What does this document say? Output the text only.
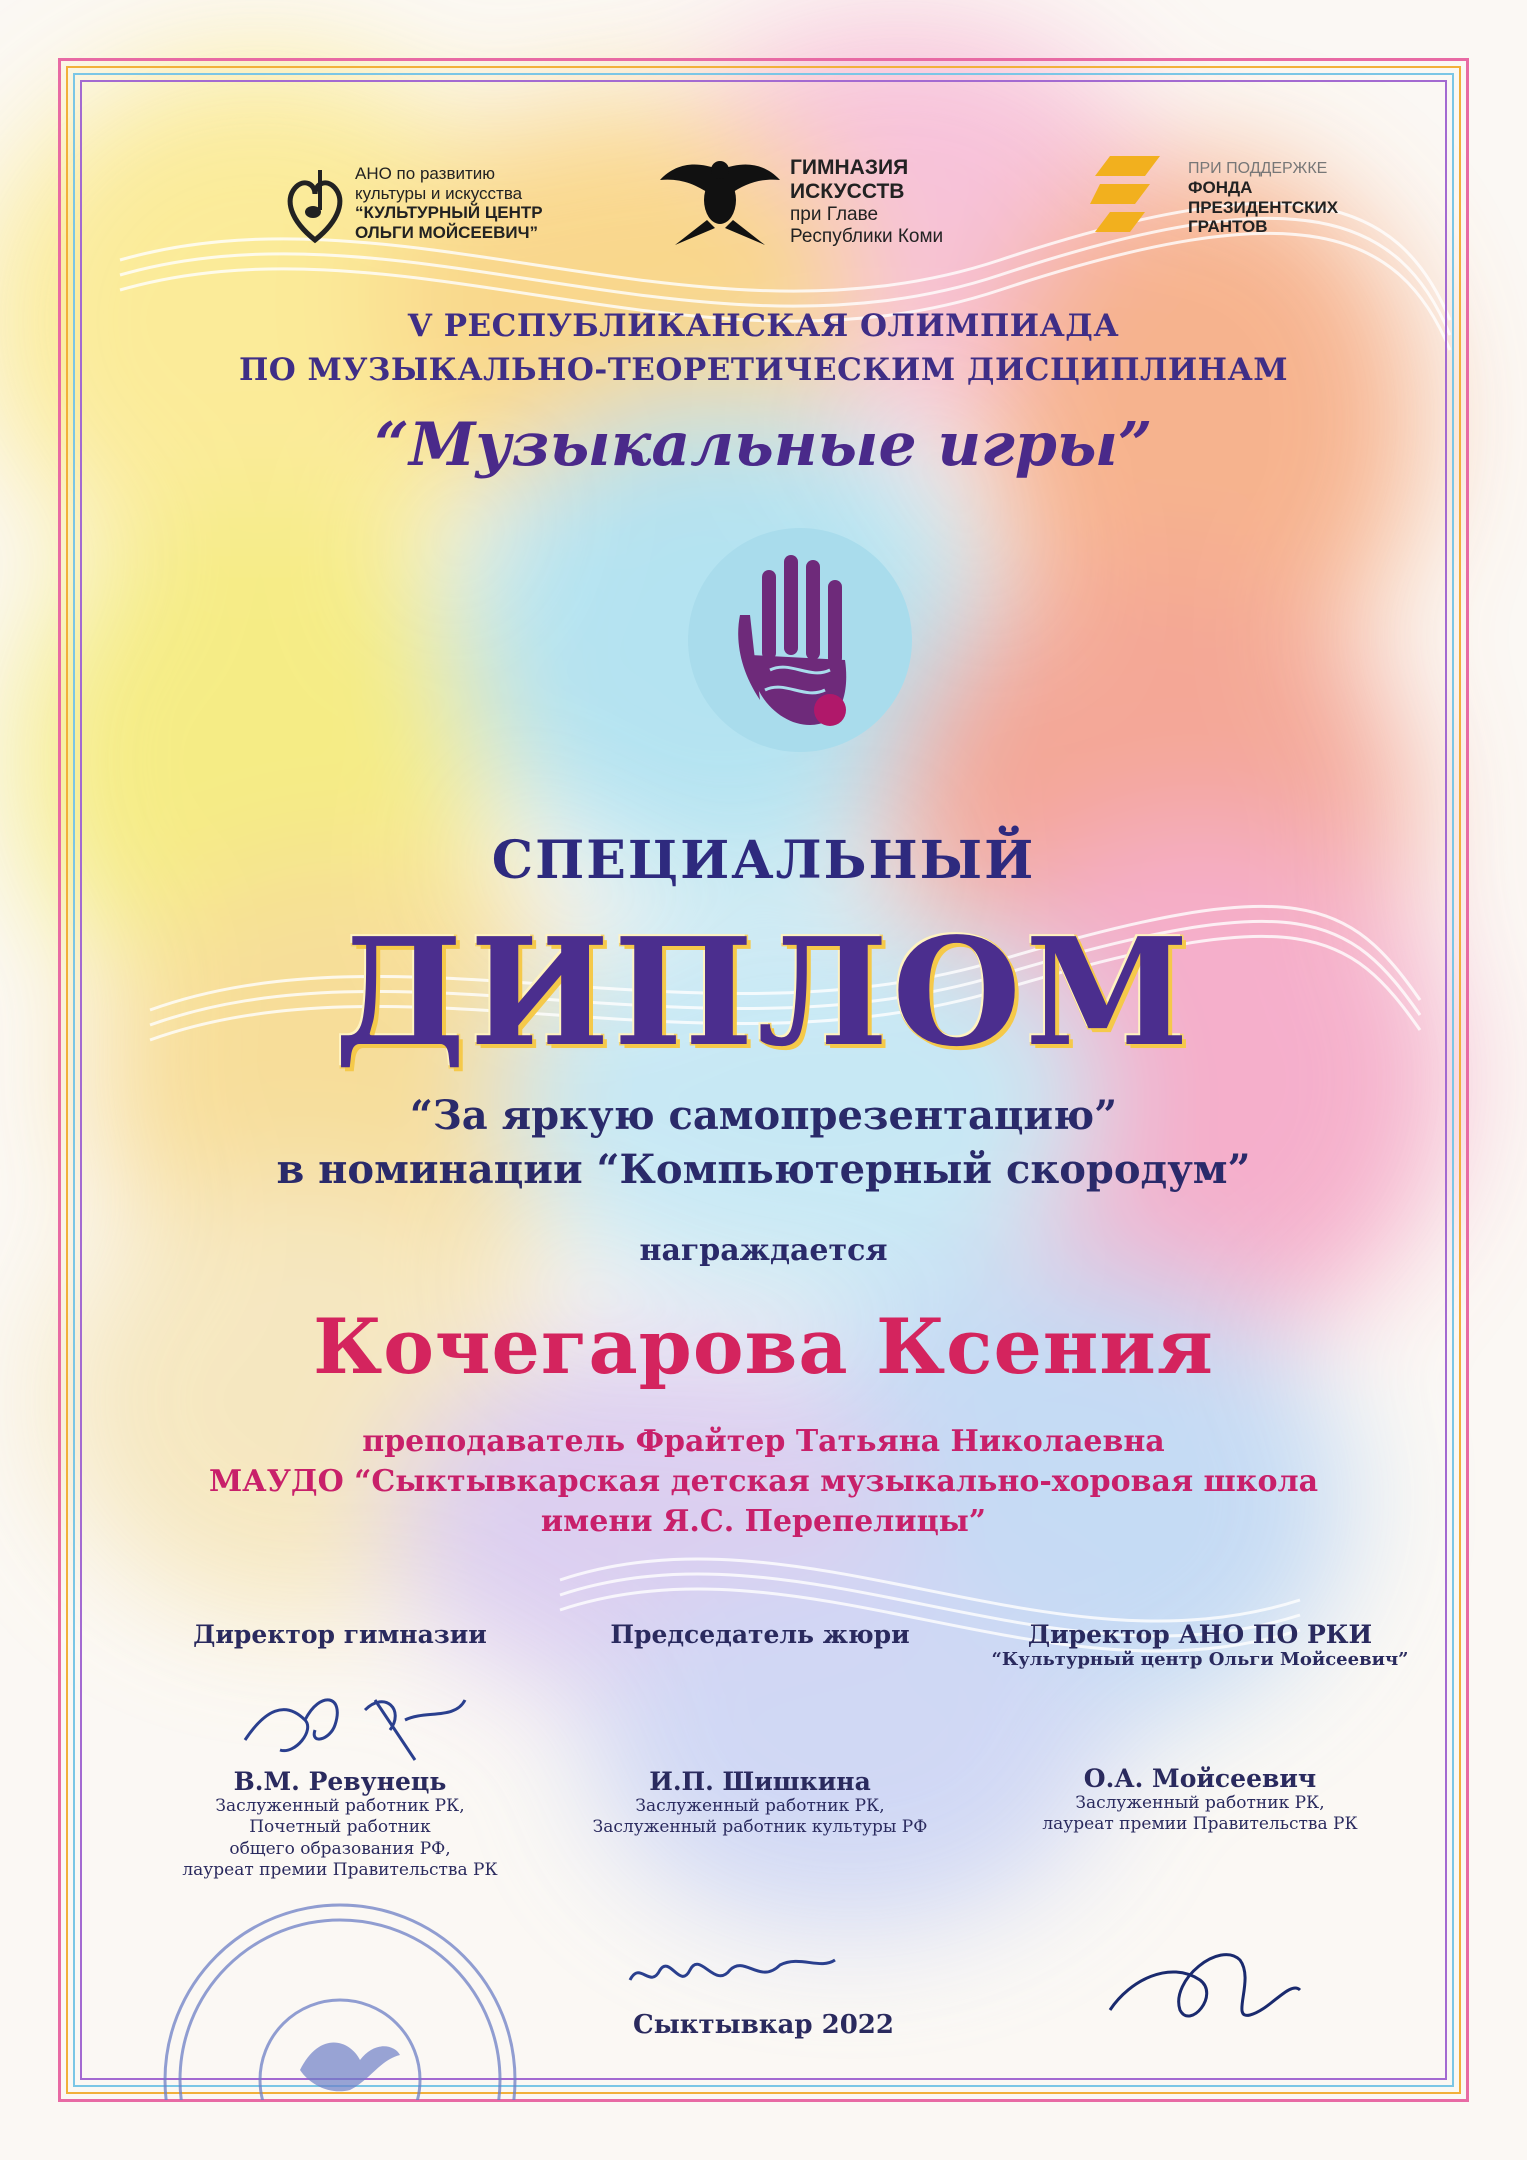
АНО по развитию
культуры и искусства
“КУЛЬТУРНЫЙ ЦЕНТР
ОЛЬГИ МОЙСЕЕВИЧ”
ГИМНАЗИЯ
ИСКУССТВ
при Главе
Республики Коми
ПРИ ПОДДЕРЖКЕ
ФОНДА
ПРЕЗИДЕНТСКИХ
ГРАНТОВ
V РЕСПУБЛИКАНСКАЯ ОЛИМПИАДА
ПО МУЗЫКАЛЬНО-ТЕОРЕТИЧЕСКИМ ДИСЦИПЛИНАМ
“Музыкальные игры”
СПЕЦИАЛЬНЫЙ
ДИПЛОМ
“За яркую самопрезентацию”
в номинации “Компьютерный скородум”
награждается
Кочегарова Ксения
преподаватель Фрайтер Татьяна Николаевна
МАУДО “Сыктывкарская детская музыкально-хоровая школа
имени Я.С. Перепелицы”
Директор гимназии
В.М. Ревунець
Заслуженный работник РК,
Почетный работник
общего образования РФ,
лауреат премии Правительства РК
Председатель жюри
И.П. Шишкина
Заслуженный работник РК,
Заслуженный работник культуры РФ
Директор АНО ПО РКИ
“Культурный центр Ольги Мойсеевич”
О.А. Мойсеевич
Заслуженный работник РК,
лауреат премии Правительства РК
Сыктывкар 2022
